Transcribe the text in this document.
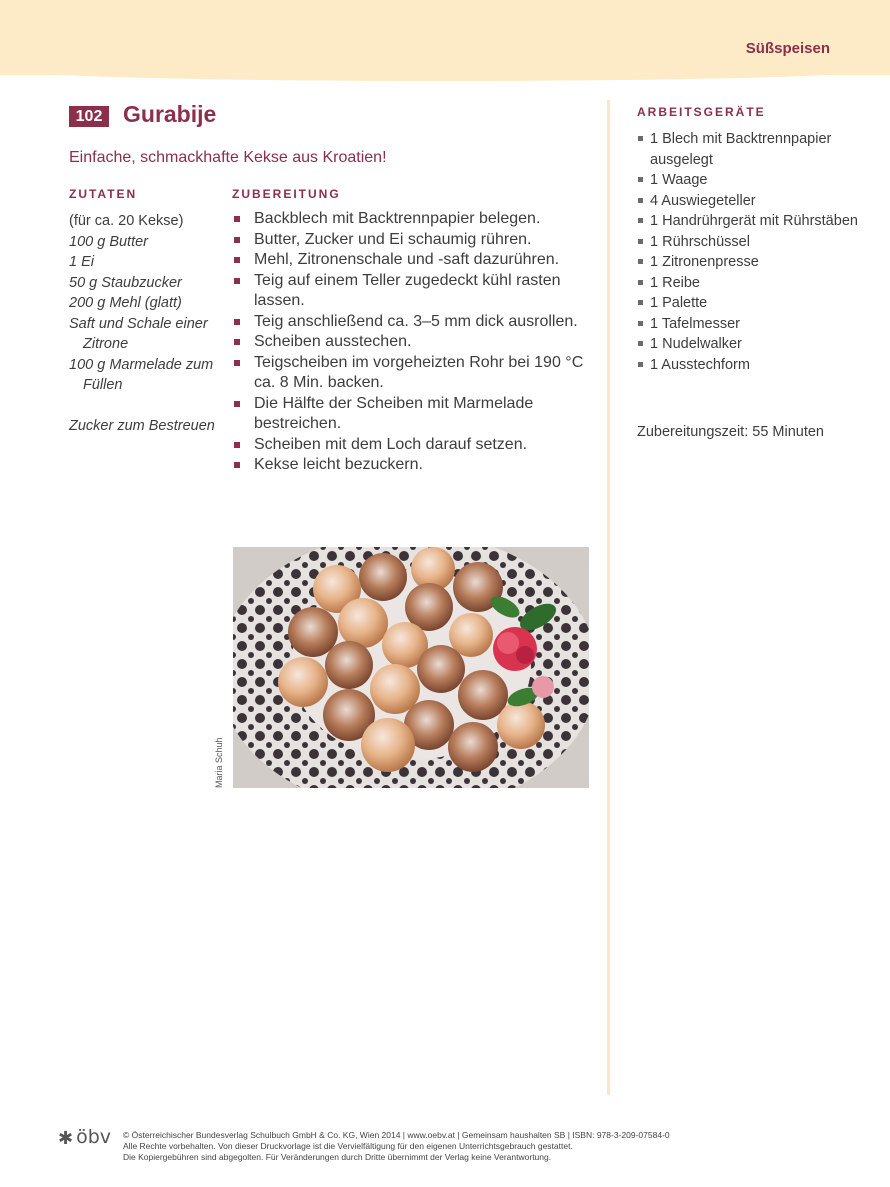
Süßspeisen
102 Gurabije
Einfache, schmackhafte Kekse aus Kroatien!
ZUTATEN	ZUBEREITUNG
(für ca. 20 Kekse)
100 g Butter
1 Ei
50 g Staubzucker
200 g Mehl (glatt)
Saft und Schale einer Zitrone
100 g Marmelade zum Füllen
Zucker zum Bestreuen
Backblech mit Backtrennpapier belegen.
Butter, Zucker und Ei schaumig rühren.
Mehl, Zitronenschale und -saft dazurühren.
Teig auf einem Teller zugedeckt kühl rasten lassen.
Teig anschließend ca. 3–5 mm dick ausrollen.
Scheiben ausstechen.
Teigscheiben im vorgeheizten Rohr bei 190 °C ca. 8 Min. backen.
Die Hälfte der Scheiben mit Marmelade bestreichen.
Scheiben mit dem Loch darauf setzen.
Kekse leicht bezuckern.
ARBEITSGERÄTE
1 Blech mit Backtrennpapier ausgelegt
1 Waage
4 Auswiegeteller
1 Handrührgerät mit Rührstäben
1 Rührschüssel
1 Zitronenpresse
1 Reibe
1 Palette
1 Tafelmesser
1 Nudelwalker
1 Ausstechform
Zubereitungszeit: 55 Minuten
Maria Schuh
✱ öbv © Österreichischer Bundesverlag Schulbuch GmbH & Co. KG, Wien 2014 | www.oebv.at | Gemeinsam haushalten SB | ISBN: 978-3-209-07584-0
Alle Rechte vorbehalten. Von dieser Druckvorlage ist die Vervielfältigung für den eigenen Unterrichtsgebrauch gestattet.
Die Kopiergebühren sind abgegolten. Für Veränderungen durch Dritte übernimmt der Verlag keine Verantwortung.
